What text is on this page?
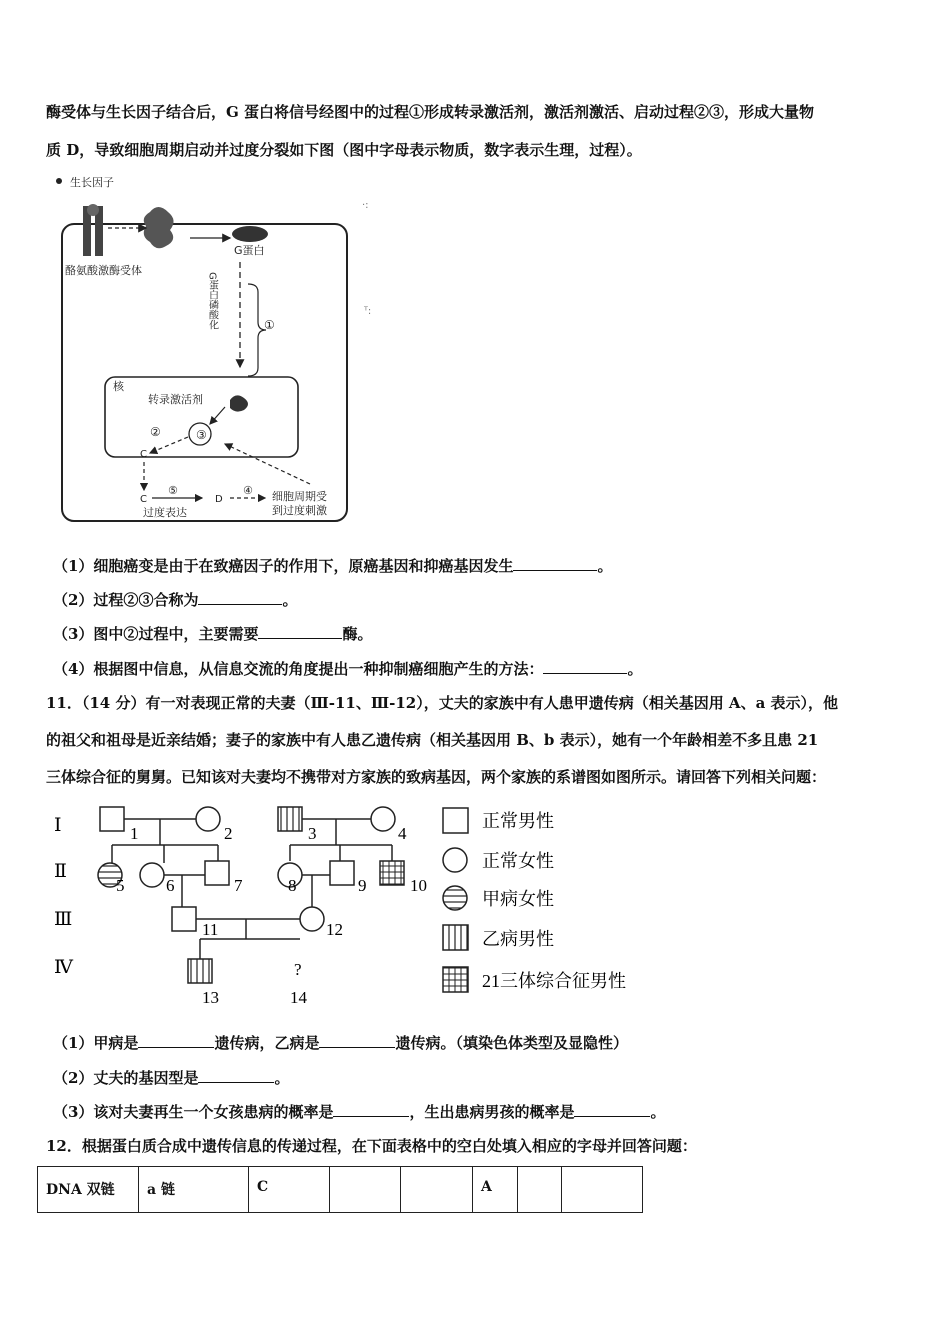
酶受体与生长因子结合后，G 蛋白将信号经图中的过程①形成转录激活剂，激活剂激活、启动过程②③，形成大量物
质 D，导致细胞周期启动并过度分裂如下图（图中字母表示物质，数字表示生理，过程）。
生长因子
酪氨酸激酶受体
G蛋白
G蛋白磷酸化	①
核
转录激活剂
③
②
C
C
⑤
过度表达
D
④ 细胞周期受
到过度刺激
·:
ᵀ:
（1）细胞癌变是由于在致癌因子的作用下，原癌基因和抑癌基因发生	。
（2）过程②③合称为	。
（3）图中②过程中，主要需要	酶。
（4）根据图中信息，从信息交流的角度提出一种抑制癌细胞产生的方法：	。
11．（14 分）有一对表现正常的夫妻（Ⅲ-11、Ⅲ-12），丈夫的家族中有人患甲遗传病（相关基因用 A、a 表示），他
的祖父和祖母是近亲结婚；妻子的家族中有人患乙遗传病（相关基因用 B、b 表示），她有一个年龄相差不多且患 21
三体综合征的舅舅。已知该对夫妻均不携带对方家族的致病基因，两个家族的系谱图如图所示。请回答下列相关问题：
Ⅰ
Ⅱ
Ⅲ
Ⅳ
1	2	3	4
5 6	7	8	9	10
11	12
13
?
14
正常男性
正常女性
甲病女性
乙病男性
21三体综合征男性
（1）甲病是	遗传病，乙病是	遗传病。（填染色体类型及显隐性）
（2）丈夫的基因型是	。
（3）该对夫妻再生一个女孩患病的概率是	，生出患病男孩的概率是	。
12．根据蛋白质合成中遗传信息的传递过程，在下面表格中的空白处填入相应的字母并回答问题：
DNA 双链	a 链	C			A		
